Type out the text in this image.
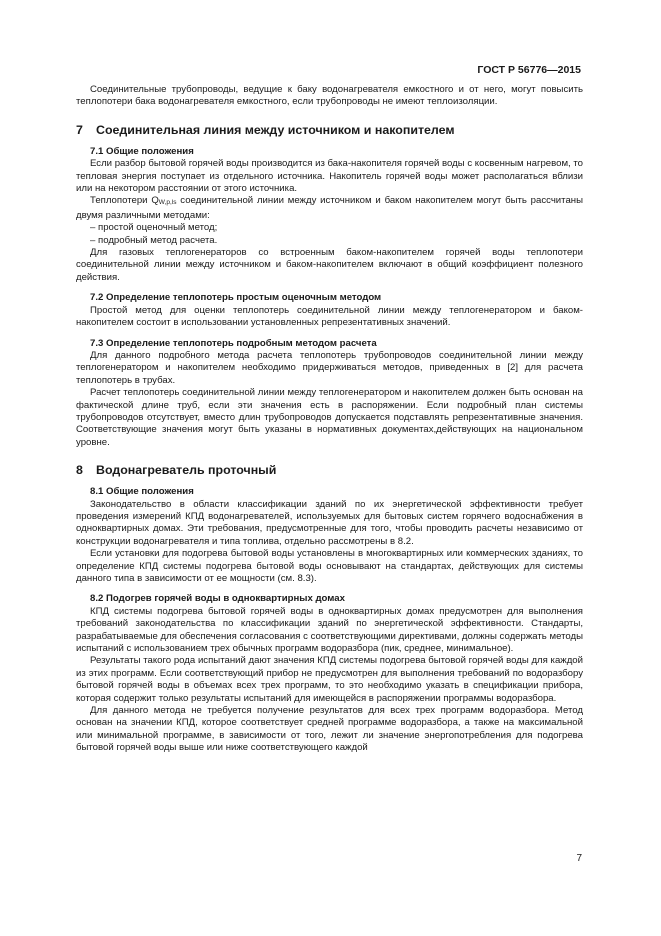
ГОСТ Р 56776—2015

Соединительные трубопроводы, ведущие к баку водонагревателя емкостного и от него, могут повысить теплопотери бака водонагревателя емкостного, если трубопроводы не имеют теплоизоляции.

7 Соединительная линия между источником и накопителем
7.1 Общие положения

Если разбор бытовой горячей воды производится из бака-накопителя горячей воды с косвенным нагревом, то тепловая энергия поступает из отдельного источника. Накопитель горячей воды может располагаться вблизи или на некотором расстоянии от этого источника.

Теплопотери QW,p,ls соединительной линии между источником и баком накопителем могут быть рассчитаны двумя различными методами:

– простой оценочный метод;

– подробный метод расчета.

Для газовых теплогенераторов со встроенным баком-накопителем горячей воды теплопотери соединительной линии между источником и баком-накопителем включают в общий коэффициент полезного действия.

7.2 Определение теплопотерь простым оценочным методом

Простой метод для оценки теплопотерь соединительной линии между теплогенератором и баком-накопителем состоит в использовании установленных репрезентативных значений.

7.3 Определение теплопотерь подробным методом расчета

Для данного подробного метода расчета теплопотерь трубопроводов соединительной линии между теплогенератором и накопителем необходимо придерживаться методов, приведенных в [2] для расчета теплопотерь в трубах.

Расчет теплопотерь соединительной линии между теплогенератором и накопителем должен быть основан на фактической длине труб, если эти значения есть в распоряжении. Если подробный план системы трубопроводов отсутствует, вместо длин трубопроводов допускается подставлять репрезентативные значения. Соответствующие значения могут быть указаны в нормативных документах,действующих на национальном уровне.

8 Водонагреватель проточный
8.1 Общие положения

Законодательство в области классификации зданий по их энергетической эффективности требует проведения измерений КПД водонагревателей, используемых для бытовых систем горячего водоснабжения в одноквартирных домах. Эти требования, предусмотренные для того, чтобы проводить расчеты независимо от конструкции водонагревателя и типа топлива, отдельно рассмотрены в 8.2.

Если установки для подогрева бытовой воды установлены в многоквартирных или коммерческих зданиях, то определение КПД системы подогрева бытовой воды основывают на стандартах, действующих для системы данного типа в зависимости от ее мощности (см. 8.3).

8.2 Подогрев горячей воды в одноквартирных домах

КПД системы подогрева бытовой горячей воды в одноквартирных домах предусмотрен для выполнения требований законодательства по классификации зданий по энергетической эффективности. Стандарты, разрабатываемые для обеспечения согласования с соответствующими директивами, должны содержать методы испытаний с использованием трех обычных программ водоразбора (пик, среднее, минимальное).

Результаты такого рода испытаний дают значения КПД системы подогрева бытовой горячей воды для каждой из этих программ. Если соответствующий прибор не предусмотрен для выполнения требований по водоразбору бытовой горячей воды в объемах всех трех программ, то это необходимо указать в спецификации прибора, которая содержит только результаты испытаний для имеющейся в распоряжении программы водоразбора.

Для данного метода не требуется получение результатов для всех трех программ водоразбора. Метод основан на значении КПД, которое соответствует средней программе водоразбора, а также на максимальной или минимальной программе, в зависимости от того, лежит ли значение энергопотребления для подогрева бытовой горячей воды выше или ниже соответствующего каждой

7
